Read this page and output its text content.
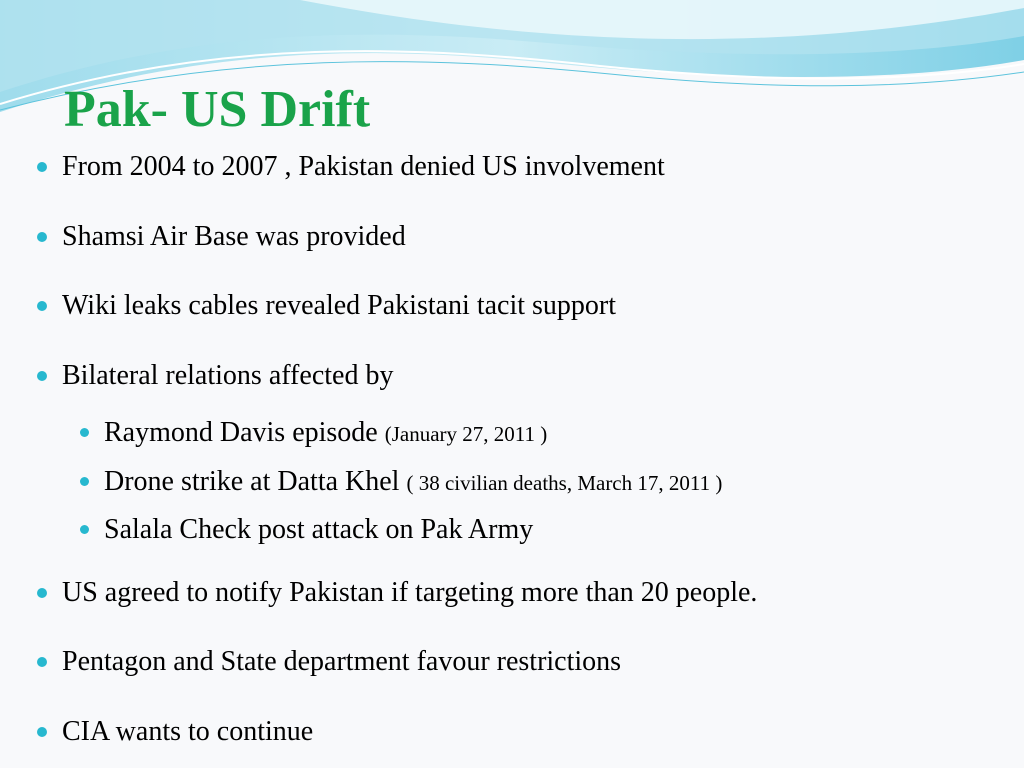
Pak- US Drift
From 2004 to 2007 , Pakistan denied US involvement
Shamsi Air Base was provided
Wiki leaks cables revealed Pakistani tacit support
Bilateral relations affected by
Raymond Davis episode (January 27, 2011 )
Drone strike at Datta Khel ( 38 civilian deaths, March 17, 2011 )
Salala Check post attack on Pak Army
US agreed to notify Pakistan if targeting more than 20 people.
Pentagon and State department favour restrictions
CIA wants to continue
